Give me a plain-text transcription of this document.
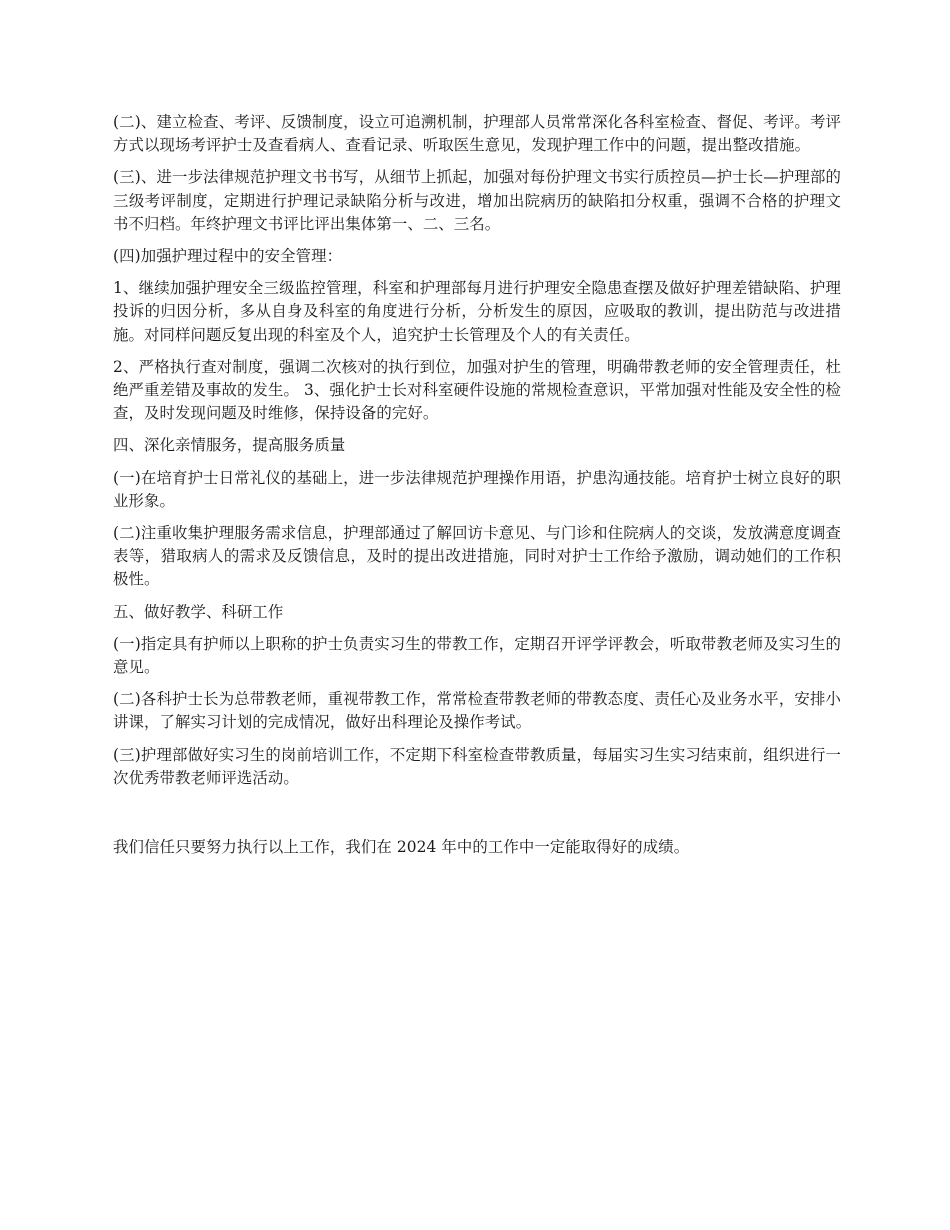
(二)、建立检查、考评、反馈制度，设立可追溯机制，护理部人员常常深化各科室检查、督促、考评。考评方式以现场考评护士及查看病人、查看记录、听取医生意见，发现护理工作中的问题，提出整改措施。

(三)、进一步法律规范护理文书书写，从细节上抓起，加强对每份护理文书实行质控员—护士长—护理部的三级考评制度，定期进行护理记录缺陷分析与改进，增加出院病历的缺陷扣分权重，强调不合格的护理文书不归档。年终护理文书评比评出集体第一、二、三名。

(四)加强护理过程中的安全管理：

1、继续加强护理安全三级监控管理，科室和护理部每月进行护理安全隐患查摆及做好护理差错缺陷、护理投诉的归因分析，多从自身及科室的角度进行分析，分析发生的原因，应吸取的教训，提出防范与改进措施。对同样问题反复出现的科室及个人，追究护士长管理及个人的有关责任。

2、严格执行查对制度，强调二次核对的执行到位，加强对护生的管理，明确带教老师的安全管理责任，杜绝严重差错及事故的发生。 3、强化护士长对科室硬件设施的常规检查意识，平常加强对性能及安全性的检查，及时发现问题及时维修，保持设备的完好。

四、深化亲情服务，提高服务质量

(一)在培育护士日常礼仪的基础上，进一步法律规范护理操作用语，护患沟通技能。培育护士树立良好的职业形象。

(二)注重收集护理服务需求信息，护理部通过了解回访卡意见、与门诊和住院病人的交谈，发放满意度调查表等，猎取病人的需求及反馈信息，及时的提出改进措施，同时对护士工作给予激励，调动她们的工作积极性。

五、做好教学、科研工作

(一)指定具有护师以上职称的护士负责实习生的带教工作，定期召开评学评教会，听取带教老师及实习生的意见。

(二)各科护士长为总带教老师，重视带教工作，常常检查带教老师的带教态度、责任心及业务水平，安排小讲课，了解实习计划的完成情况，做好出科理论及操作考试。

(三)护理部做好实习生的岗前培训工作，不定期下科室检查带教质量，每届实习生实习结束前，组织进行一次优秀带教老师评选活动。

我们信任只要努力执行以上工作，我们在 2024 年中的工作中一定能取得好的成绩。
